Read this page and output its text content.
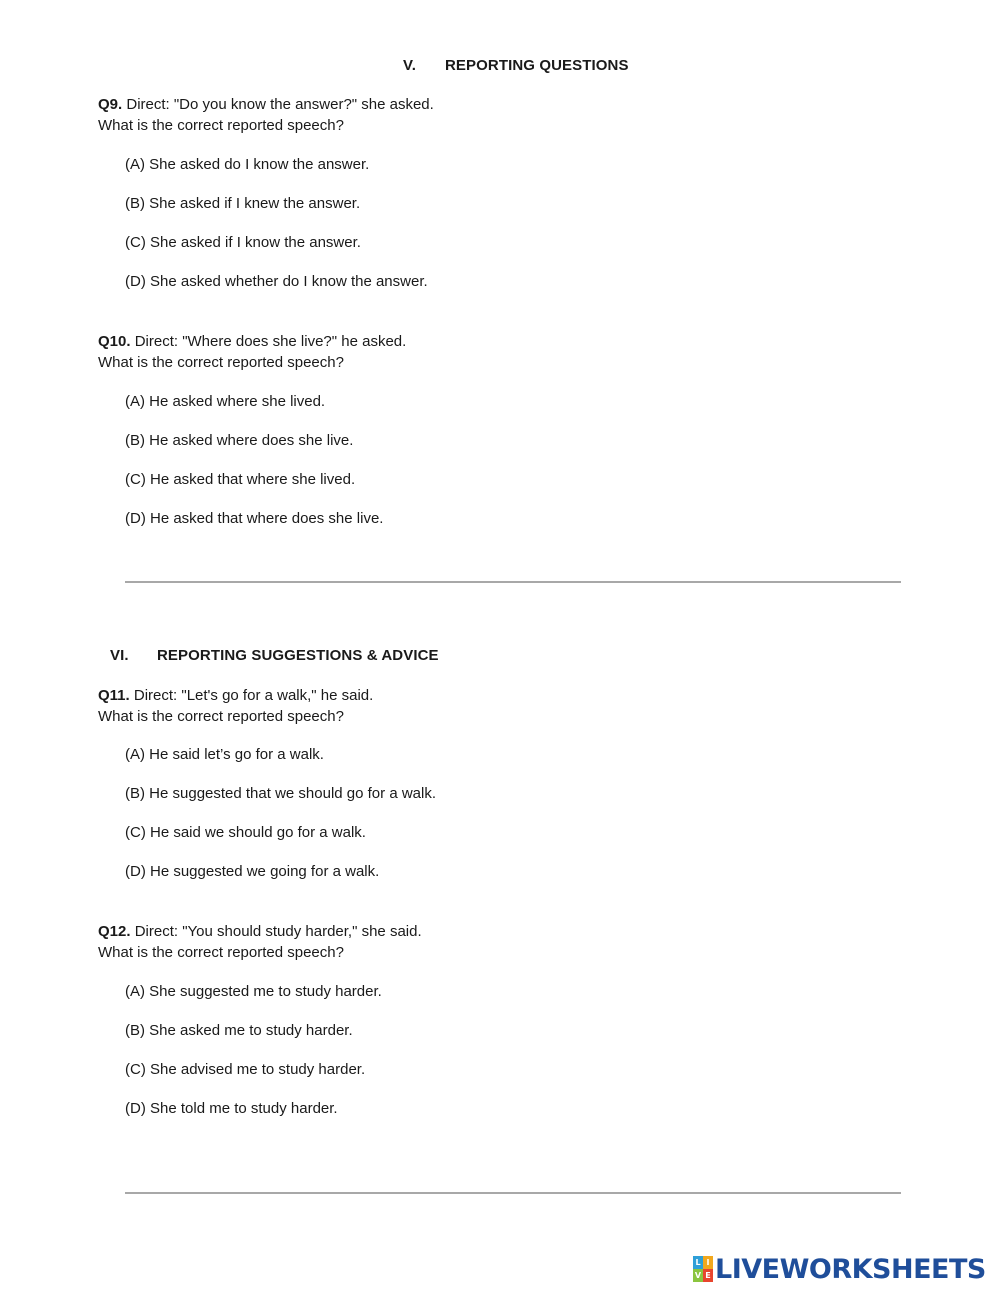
V. REPORTING QUESTIONS
Q9. Direct: "Do you know the answer?" she asked.
What is the correct reported speech?
(A) She asked do I know the answer.
(B) She asked if I knew the answer.
(C) She asked if I know the answer.
(D) She asked whether do I know the answer.
Q10. Direct: "Where does she live?" he asked.
What is the correct reported speech?
(A) He asked where she lived.
(B) He asked where does she live.
(C) He asked that where she lived.
(D) He asked that where does she live.
VI. REPORTING SUGGESTIONS & ADVICE
Q11. Direct: "Let's go for a walk," he said.
What is the correct reported speech?
(A) He said let’s go for a walk.
(B) He suggested that we should go for a walk.
(C) He said we should go for a walk.
(D) He suggested we going for a walk.
Q12. Direct: "You should study harder," she said.
What is the correct reported speech?
(A) She suggested me to study harder.
(B) She asked me to study harder.
(C) She advised me to study harder.
(D) She told me to study harder.
L I
V E LIVEWORKSHEETS
